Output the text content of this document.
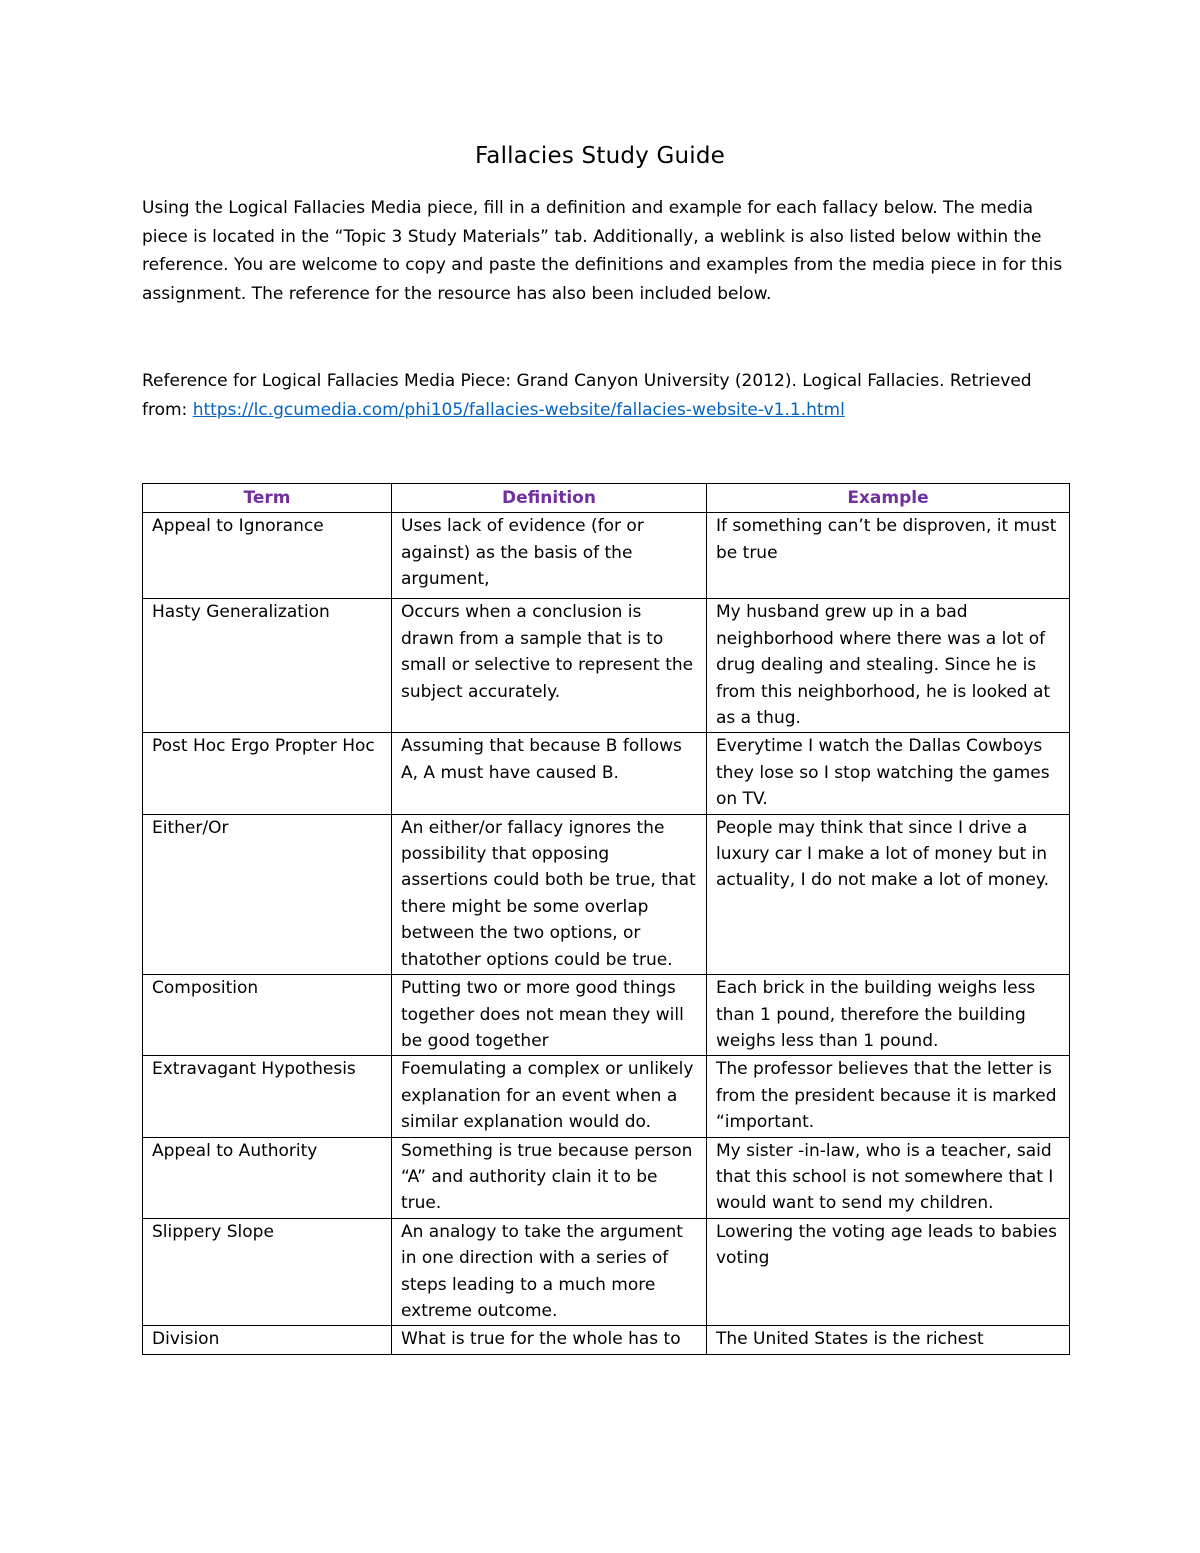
Fallacies Study Guide

Using the Logical Fallacies Media piece, fill in a definition and example for each fallacy below. The media piece is located in the “Topic 3 Study Materials” tab. Additionally, a weblink is also listed below within the reference. You are welcome to copy and paste the definitions and examples from the media piece in for this assignment. The reference for the resource has also been included below.

Reference for Logical Fallacies Media Piece: Grand Canyon University (2012). Logical Fallacies. Retrieved from: https://lc.gcumedia.com/phi105/fallacies-website/fallacies-website-v1.1.html

Term	Definition	Example
Appeal to Ignorance	Uses lack of evidence (for or against) as the basis of the argument,	If something can’t be disproven, it must be true
Hasty Generalization	Occurs when a conclusion is drawn from a sample that is to small or selective to represent the subject accurately.	My husband grew up in a bad neighborhood where there was a lot of drug dealing and stealing. Since he is from this neighborhood, he is looked at as a thug.
Post Hoc Ergo Propter Hoc	Assuming that because B follows A, A must have caused B.	Everytime I watch the Dallas Cowboys they lose so I stop watching the games on TV.
Either/Or	An either/or fallacy ignores the possibility that opposing assertions could both be true, that there might be some overlap between the two options, or thatother options could be true.	People may think that since I drive a luxury car I make a lot of money but in actuality, I do not make a lot of money.
Composition	Putting two or more good things together does not mean they will be good together	Each brick in the building weighs less than 1 pound, therefore the building weighs less than 1 pound.
Extravagant Hypothesis	Foemulating a complex or unlikely explanation for an event when a similar explanation would do.	The professor believes that the letter is from the president because it is marked “important.
Appeal to Authority	Something is true because person “A” and authority clain it to be true.	My sister -in-law, who is a teacher, said that this school is not somewhere that I would want to send my children.
Slippery Slope	An analogy to take the argument in one direction with a series of steps leading to a much more extreme outcome.	Lowering the voting age leads to babies voting
Division	What is true for the whole has to	The United States is the richest
